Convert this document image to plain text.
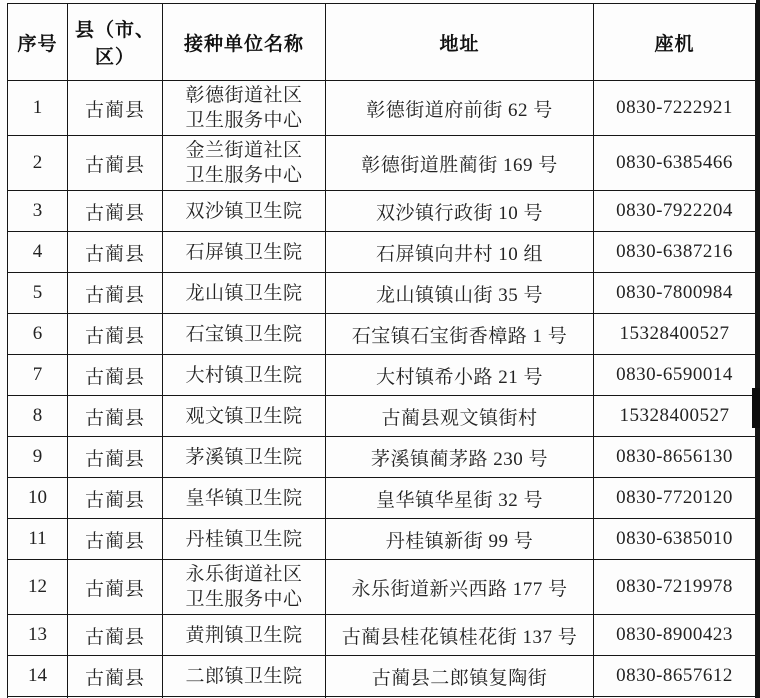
序号	县（市、区）	接种单位名称	地址	座机
1	古蔺县	彰德街道社区卫生服务中心	彰德街道府前街 62 号	0830-7222921
2	古蔺县	金兰街道社区卫生服务中心	彰德街道胜蔺街 169 号	0830-6385466
3	古蔺县	双沙镇卫生院	双沙镇行政街 10 号	0830-7922204
4	古蔺县	石屏镇卫生院	石屏镇向井村 10 组	0830-6387216
5	古蔺县	龙山镇卫生院	龙山镇镇山街 35 号	0830-7800984
6	古蔺县	石宝镇卫生院	石宝镇石宝街香樟路 1 号	15328400527
7	古蔺县	大村镇卫生院	大村镇希小路 21 号	0830-6590014
8	古蔺县	观文镇卫生院	古蔺县观文镇街村	15328400527
9	古蔺县	茅溪镇卫生院	茅溪镇蔺茅路 230 号	0830-8656130
10	古蔺县	皇华镇卫生院	皇华镇华星街 32 号	0830-7720120
11	古蔺县	丹桂镇卫生院	丹桂镇新街 99 号	0830-6385010
12	古蔺县	永乐街道社区卫生服务中心	永乐街道新兴西路 177 号	0830-7219978
13	古蔺县	黄荆镇卫生院	古蔺县桂花镇桂花街 137 号	0830-8900423
14	古蔺县	二郎镇卫生院	古蔺县二郎镇复陶街	0830-8657612
